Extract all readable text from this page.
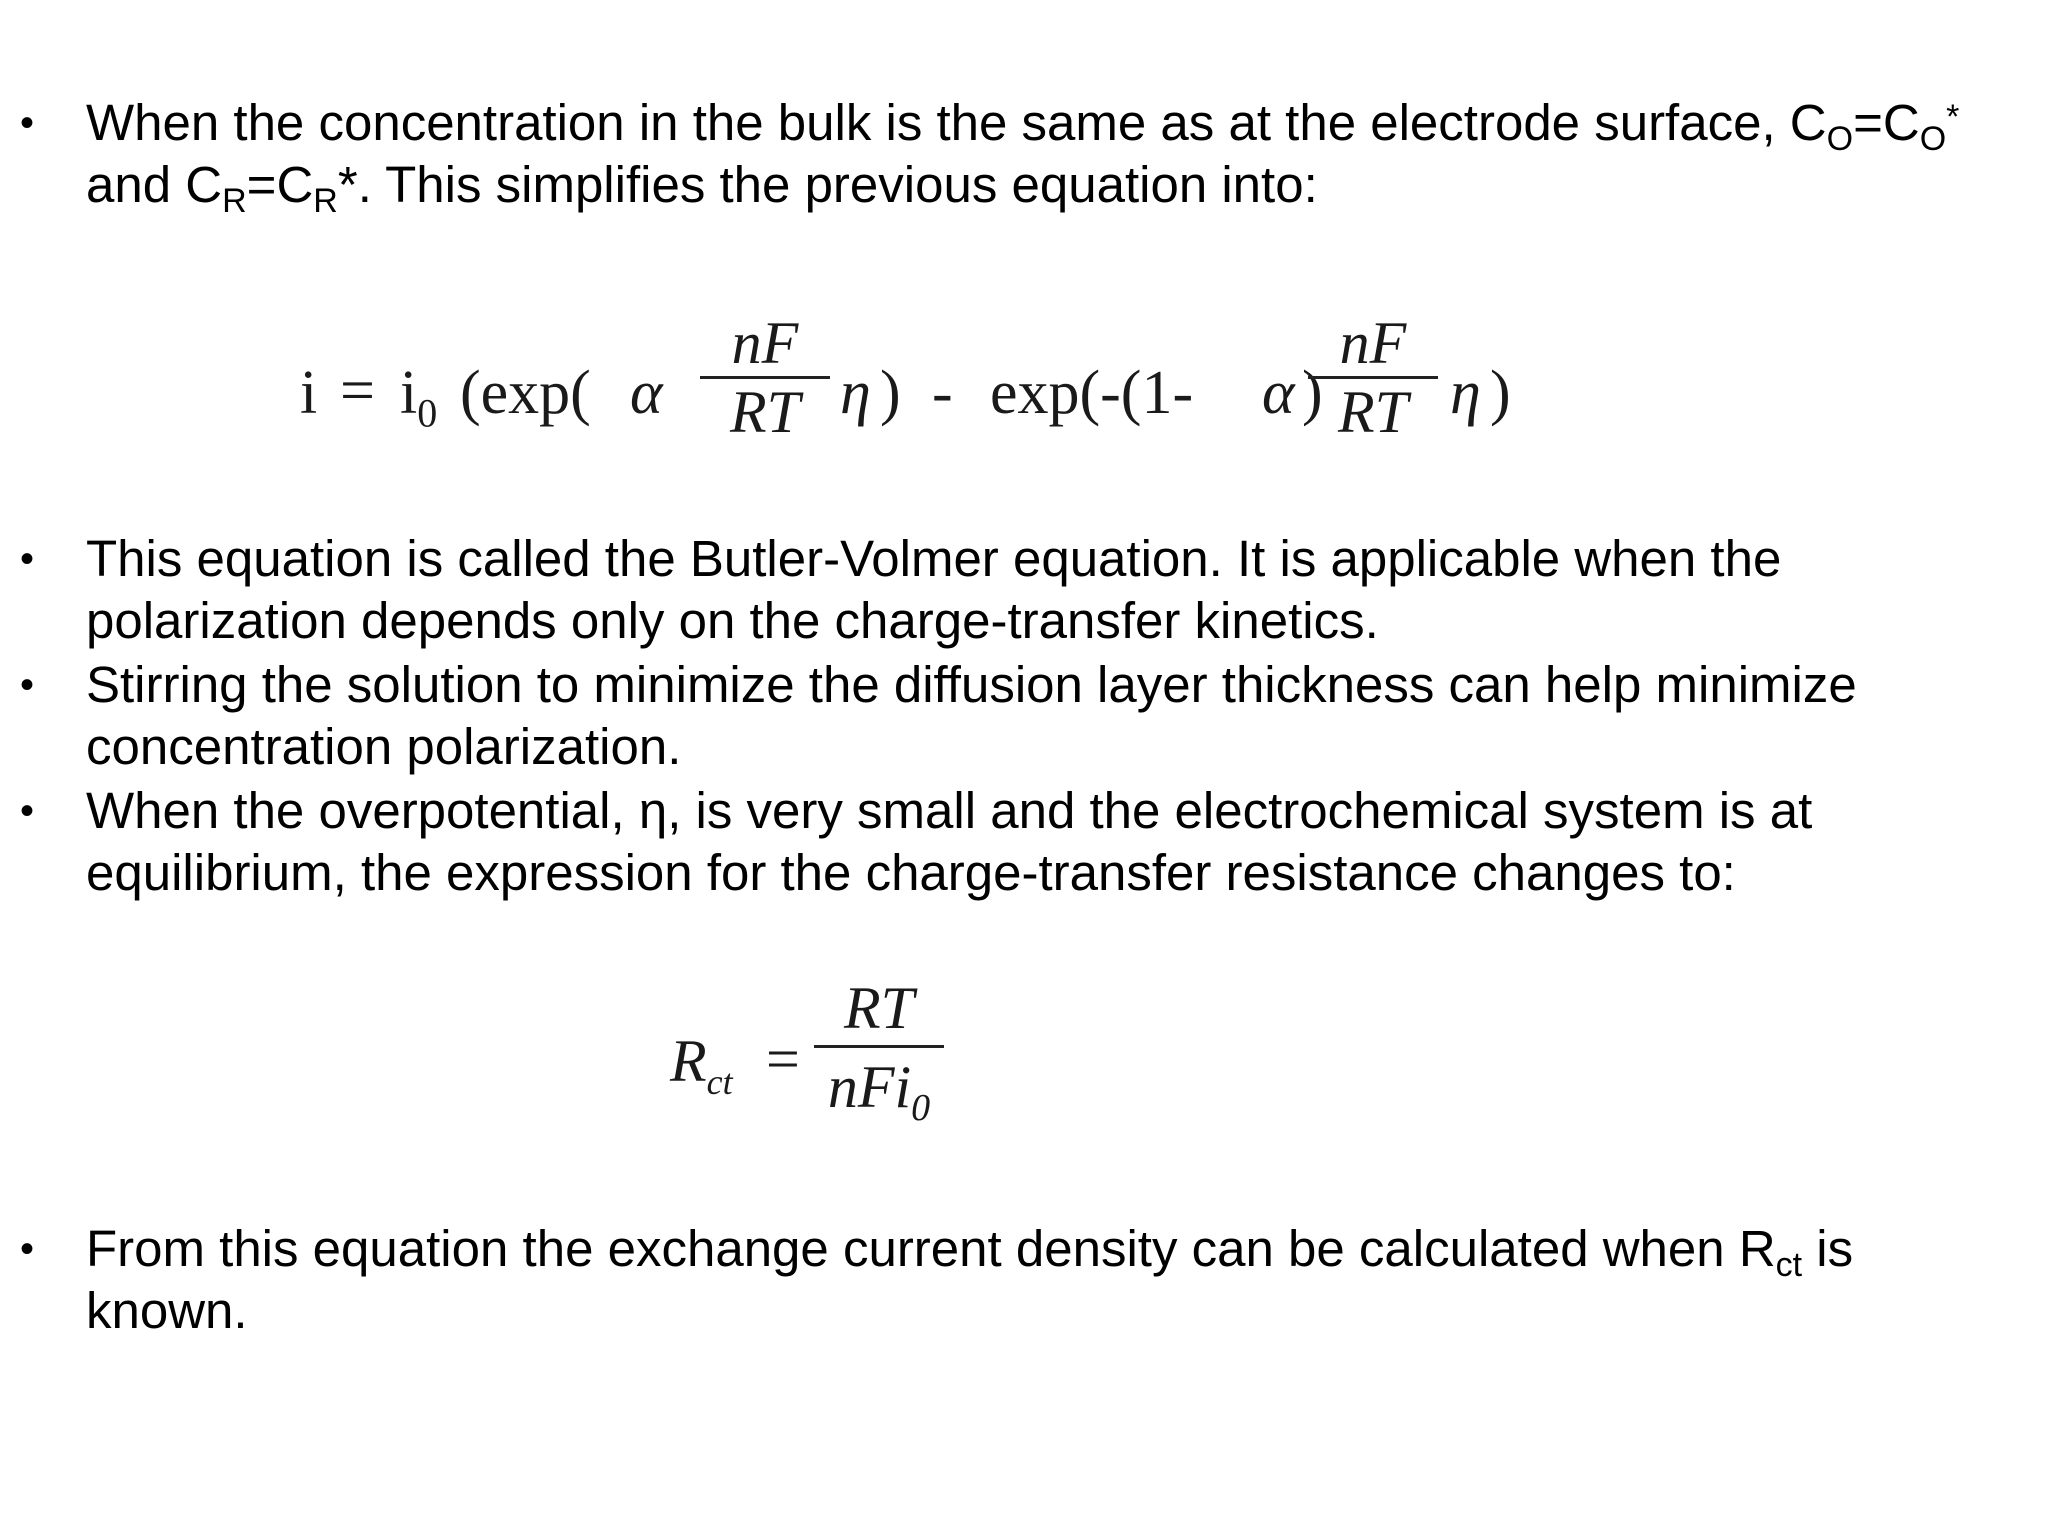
• When the concentration in the bulk is the same as at the electrode surface, $C_O=C_O^*$
and $C_R=C_R*$. This simplifies the previous equation into:
$i = i_0$ (exp( α
nF
RT η ) - exp(-(1- α )
nF
RT η )
• This equation is called the Butler-Volmer equation. It is applicable when the
polarization depends only on the charge-transfer kinetics.
• Stirring the solution to minimize the diffusion layer thickness can help minimize
concentration polarization.
• When the overpotential, η, is very small and the electrochemical system is at
equilibrium, the expression for the charge-transfer resistance changes to:
$R_{ct}$ =
RT
nFi$_0$
• From this equation the exchange current density can be calculated when $R_{ct}$ is
known.
